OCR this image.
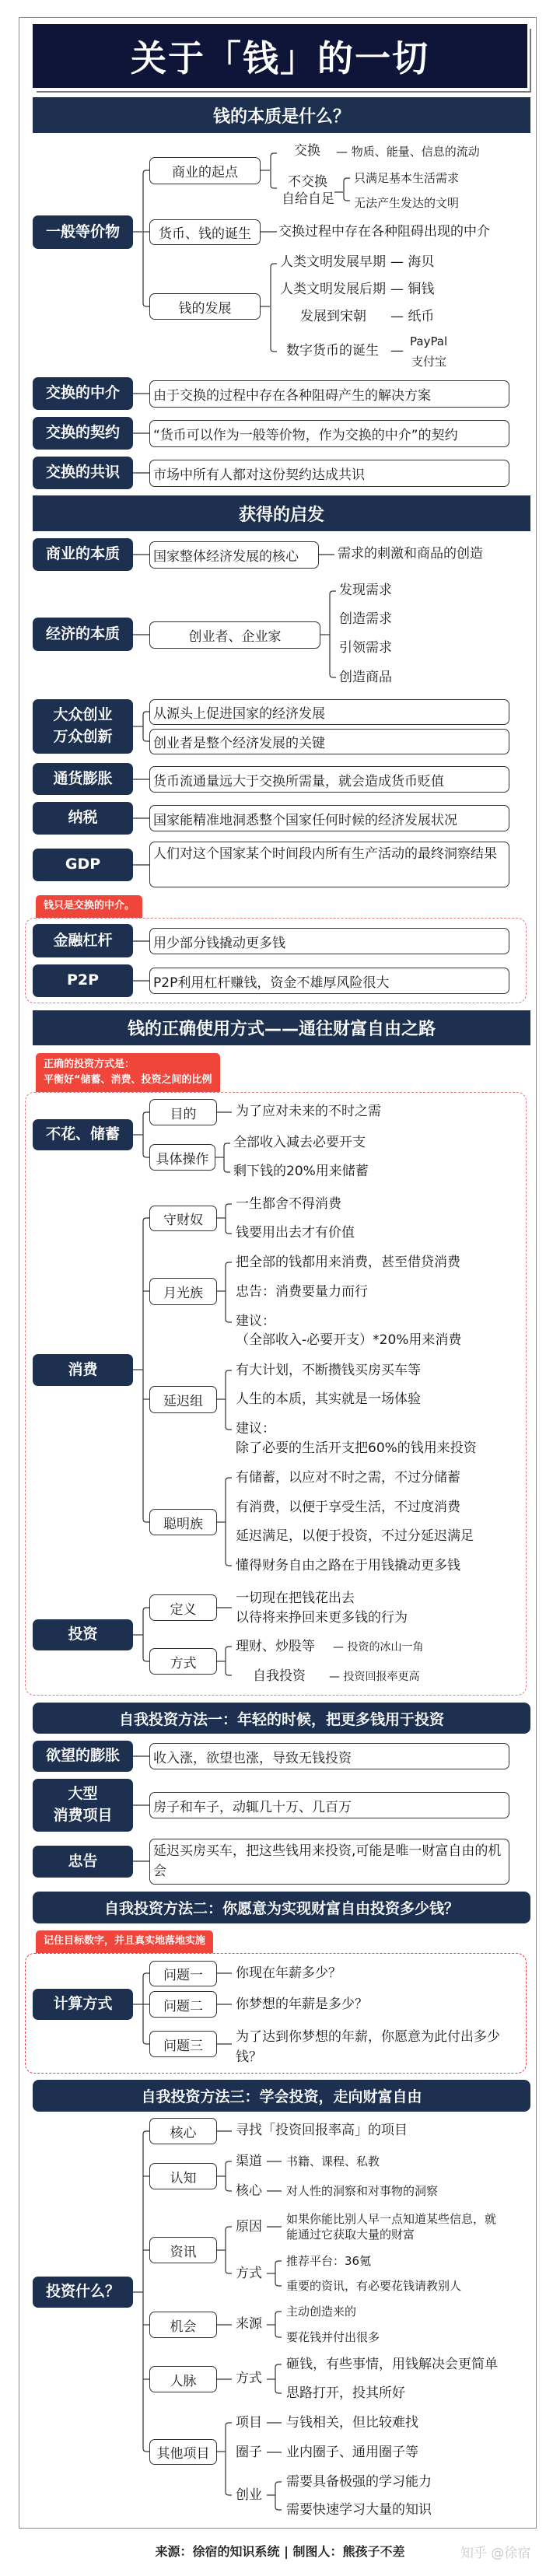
关于「钱」的一切
钱的本质是什么？
一般等价物
商业的起点
交换 — 物质、能量、信息的流动
不交换
自给自足
只满足基本生活需求
无法产生发达的文明
货币、钱的诞生	交换过程中存在各种阻碍出现的中介
钱的发展
人类文明发展早期 — 海贝
人类文明发展后期 — 铜钱
发展到宋朝 — 纸币
数字货币的诞生 —
PayPal
支付宝
交换的中介	由于交换的过程中存在各种阻碍产生的解决方案
交换的契约	“货币可以作为一般等价物，作为交换的中介”的契约
交换的共识	市场中所有人都对这份契约达成共识
获得的启发
商业的本质	国家整体经济发展的核心	需求的刺激和商品的创造
经济的本质	创业者、企业家
发现需求
创造需求
引领需求
创造商品
大众创业
万众创新
从源头上促进国家的经济发展
创业者是整个经济发展的关键
通货膨胀	货币流通量远大于交换所需量，就会造成货币贬值
纳税	国家能精准地洞悉整个国家任何时候的经济发展状况
GDP
人们对这个国家某个时间段内所有生产活动的最终洞察结果
钱只是交换的中介。
金融杠杆	用少部分钱撬动更多钱
P2P	P2P利用杠杆赚钱，资金不雄厚风险很大
钱的正确使用方式——通往财富自由之路
正确的投资方式是：
平衡好“储蓄、消费、投资之间的比例
不花、储蓄
目的	为了应对未来的不时之需
具体操作
全部收入减去必要开支
剩下钱的20%用来储蓄
消费
守财奴
一生都舍不得消费
钱要用出去才有价值
月光族
把全部的钱都用来消费，甚至借贷消费
忠告：消费要量力而行
建议：
（全部收入-必要开支）*20%用来消费
延迟组
有大计划，不断攒钱买房买车等
人生的本质，其实就是一场体验
建议：
除了必要的生活开支把60%的钱用来投资
聪明族
有储蓄，以应对不时之需，不过分储蓄
有消费，以便于享受生活，不过度消费
延迟满足，以便于投资，不过分延迟满足
懂得财务自由之路在于用钱撬动更多钱
投资
定义
一切现在把钱花出去
以待将来挣回来更多钱的行为
方式
理财、炒股等 — 投资的冰山一角
自我投资 — 投资回报率更高
自我投资方法一：年轻的时候，把更多钱用于投资
欲望的膨胀	收入涨，欲望也涨，导致无钱投资
大型
消费项目	房子和车子，动辄几十万、几百万
忠告
延迟买房买车，把这些钱用来投资,可能是唯一财富自由的机会
自我投资方法二：你愿意为实现财富自由投资多少钱？
记住目标数字，并且真实地落地实施
计算方式
问题一	你现在年薪多少？
问题二	你梦想的年薪是多少？
问题三
为了达到你梦想的年薪，你愿意为此付出多少钱？
自我投资方法三：学会投资，走向财富自由
投资什么？
核心	寻找「投资回报率高」的项目
认知
渠道 书籍、课程、私教
核心 对人性的洞察和对事物的洞察
资讯
原因 如果你能比别人早一点知道某些信息，就
能通过它获取大量的财富
方式
推荐平台：36氪
重要的资讯，有必要花钱请教别人
机会	来源
主动创造来的
要花钱并付出很多
人脉	方式
砸钱，有些事情，用钱解决会更简单
思路打开，投其所好
其他项目
项目 与钱相关，但比较难找
圈子 业内圈子、通用圈子等
创业
需要具备极强的学习能力
需要快速学习大量的知识
来源：徐宿的知识系统 | 制图人：熊孩子不差	知乎 @徐宿
